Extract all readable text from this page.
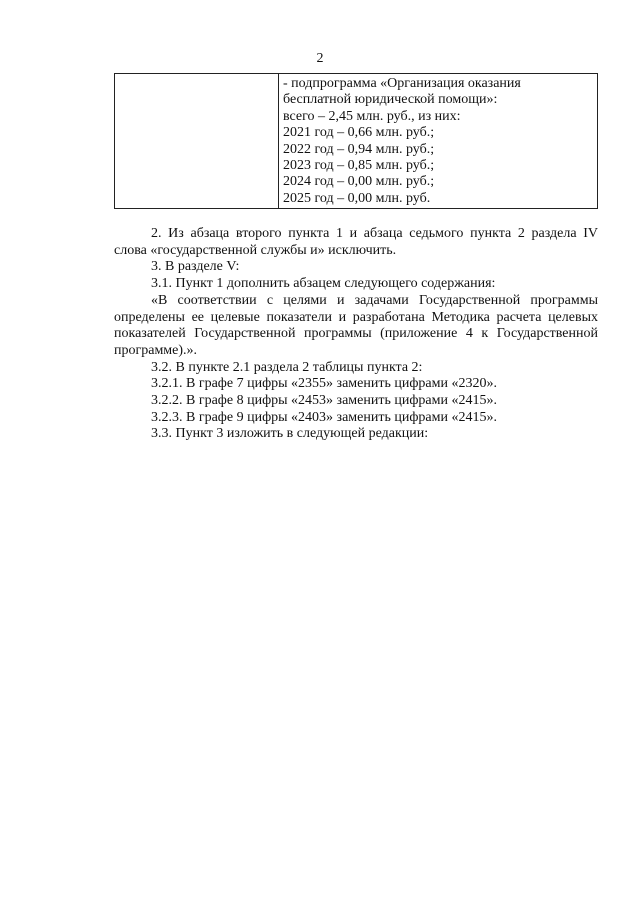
2
- подпрограмма «Организация оказания
бесплатной юридической помощи»:
всего – 2,45 млн. руб., из них:
2021 год – 0,66 млн. руб.;
2022 год – 0,94 млн. руб.;
2023 год – 0,85 млн. руб.;
2024 год – 0,00 млн. руб.;
2025 год – 0,00 млн. руб.

2. Из абзаца второго пункта 1 и абзаца седьмого пункта 2 раздела IV

слова «государственной службы и» исключить.

3. В разделе V:

3.1. Пункт 1 дополнить абзацем следующего содержания:

«В соответствии с целями и задачами Государственной программы

определены ее целевые показатели и разработана Методика расчета целевых

показателей Государственной программы (приложение 4 к Государственной

программе).».

3.2. В пункте 2.1 раздела 2 таблицы пункта 2:

3.2.1. В графе 7 цифры «2355» заменить цифрами «2320».

3.2.2. В графе 8 цифры «2453» заменить цифрами «2415».

3.2.3. В графе 9 цифры «2403» заменить цифрами «2415».

3.3. Пункт 3 изложить в следующей редакции:
